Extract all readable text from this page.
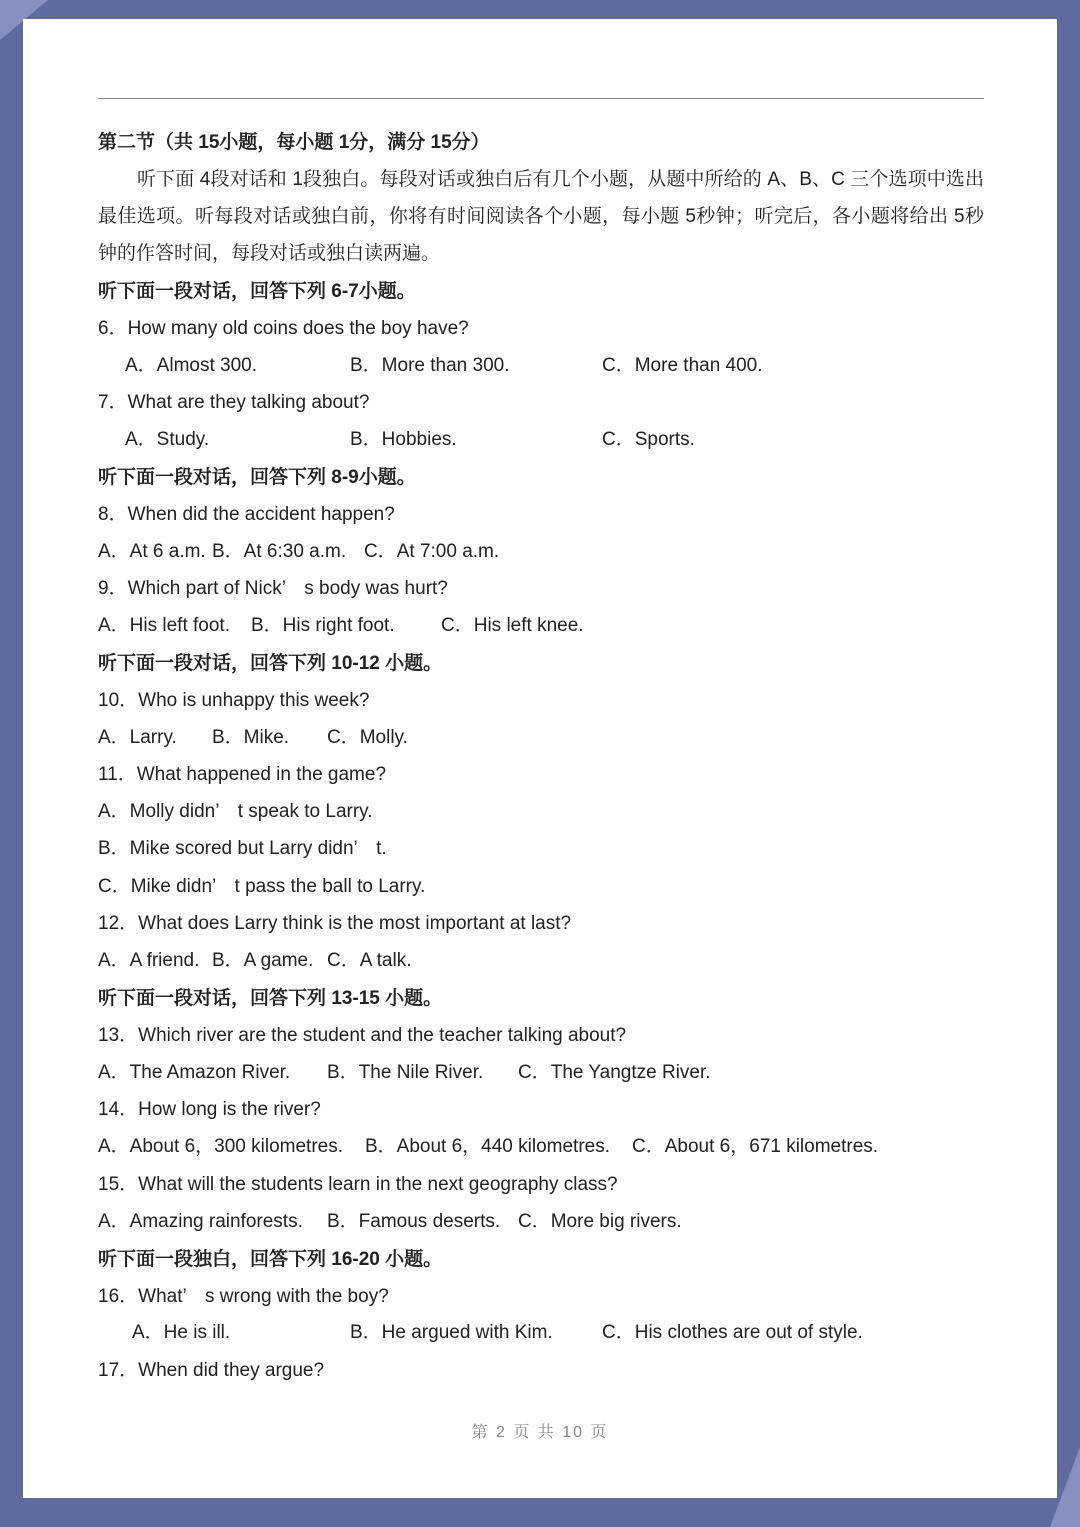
第二节（共 15小题，每小题 1分，满分 15分）
听下面 4段对话和 1段独白。每段对话或独白后有几个小题，从题中所给的 A、B、C 三个选项中选出最佳选项。听每段对话或独白前，你将有时间阅读各个小题，每小题 5秒钟；听完后，各小题将给出 5秒钟的作答时间，每段对话或独白读两遍。
听下面一段对话，回答下列 6-7小题。
6．How many old coins does the boy have?
A．Almost 300.	B．More than 300.	C．More than 400.
7．What are they talking about?
A．Study.	B．Hobbies.	C．Sports.
听下面一段对话，回答下列 8-9小题。
8．When did the accident happen?
A．At 6 a.m. B．At 6:30 a.m. C．At 7:00 a.m.
9．Which part of Nick’　s body was hurt?
A．His left foot. B．His right foot. C．His left knee.
听下面一段对话，回答下列 10-12 小题。
10．Who is unhappy this week?
A．Larry. B．Mike. C．Molly.
11．What happened in the game?
A．Molly didn’　t speak to Larry.
B．Mike scored but Larry didn’　t.
C．Mike didn’　t pass the ball to Larry.
12．What does Larry think is the most important at last?
A．A friend. B．A game. C．A talk.
听下面一段对话，回答下列 13-15 小题。
13．Which river are the student and the teacher talking about?
A．The Amazon River. B．The Nile River. C．The Yangtze River.
14．How long is the river?
A．About 6，300 kilometres. B．About 6，440 kilometres. C．About 6，671 kilometres.
15．What will the students learn in the next geography class?
A．Amazing rainforests. B．Famous deserts. C．More big rivers.
听下面一段独白，回答下列 16-20 小题。
16．What’　s wrong with the boy?
A．He is ill.	B．He argued with Kim.	C．His clothes are out of style.
17．When did they argue?
第 2 页 共 10 页
